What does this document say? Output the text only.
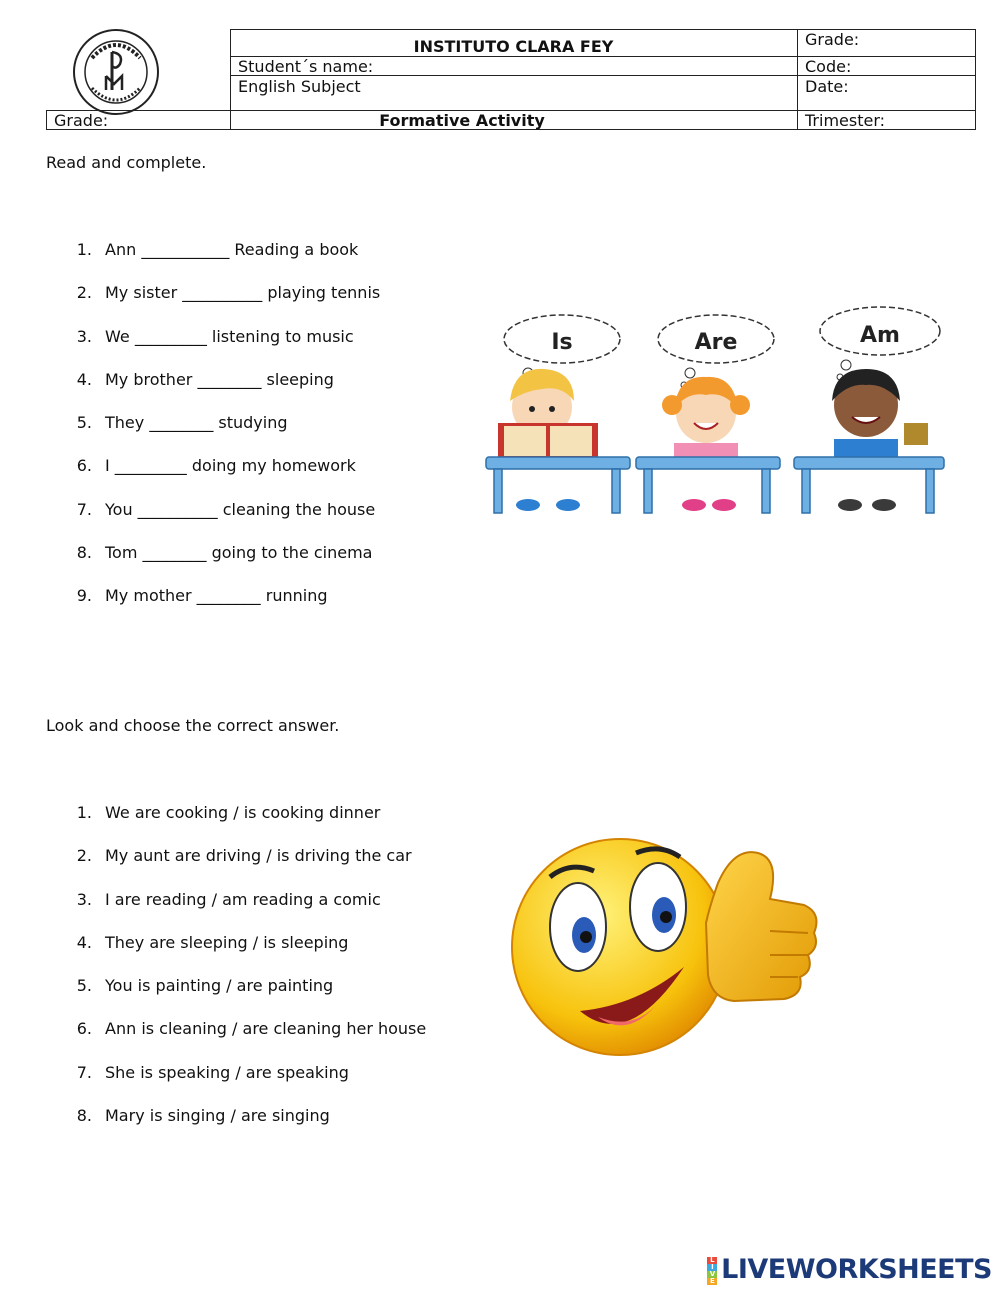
INSTITUTO CLARA FEY	Grade:
Student´s name:	Code:
English Subject	Date:
Grade:	Formative Activity	Trimester:
Read and complete.
1. Ann ___________ Reading a book
2. My sister __________ playing tennis
3. We _________ listening to music
4. My brother ________ sleeping
5. They ________ studying
6. I _________ doing my homework
7. You __________ cleaning the house
8. Tom ________ going to the cinema
9. My mother ________ running
Is	Are	Am
Look and choose the correct answer.
1. We are cooking / is cooking dinner
2. My aunt are driving / is driving the car
3. I are reading / am reading a comic
4. They are sleeping / is sleeping
5. You is painting / are painting
6. Ann is cleaning / are cleaning her house
7. She is speaking / are speaking
8. Mary is singing / are singing
L
I
V
E LIVEWORKSHEETS
